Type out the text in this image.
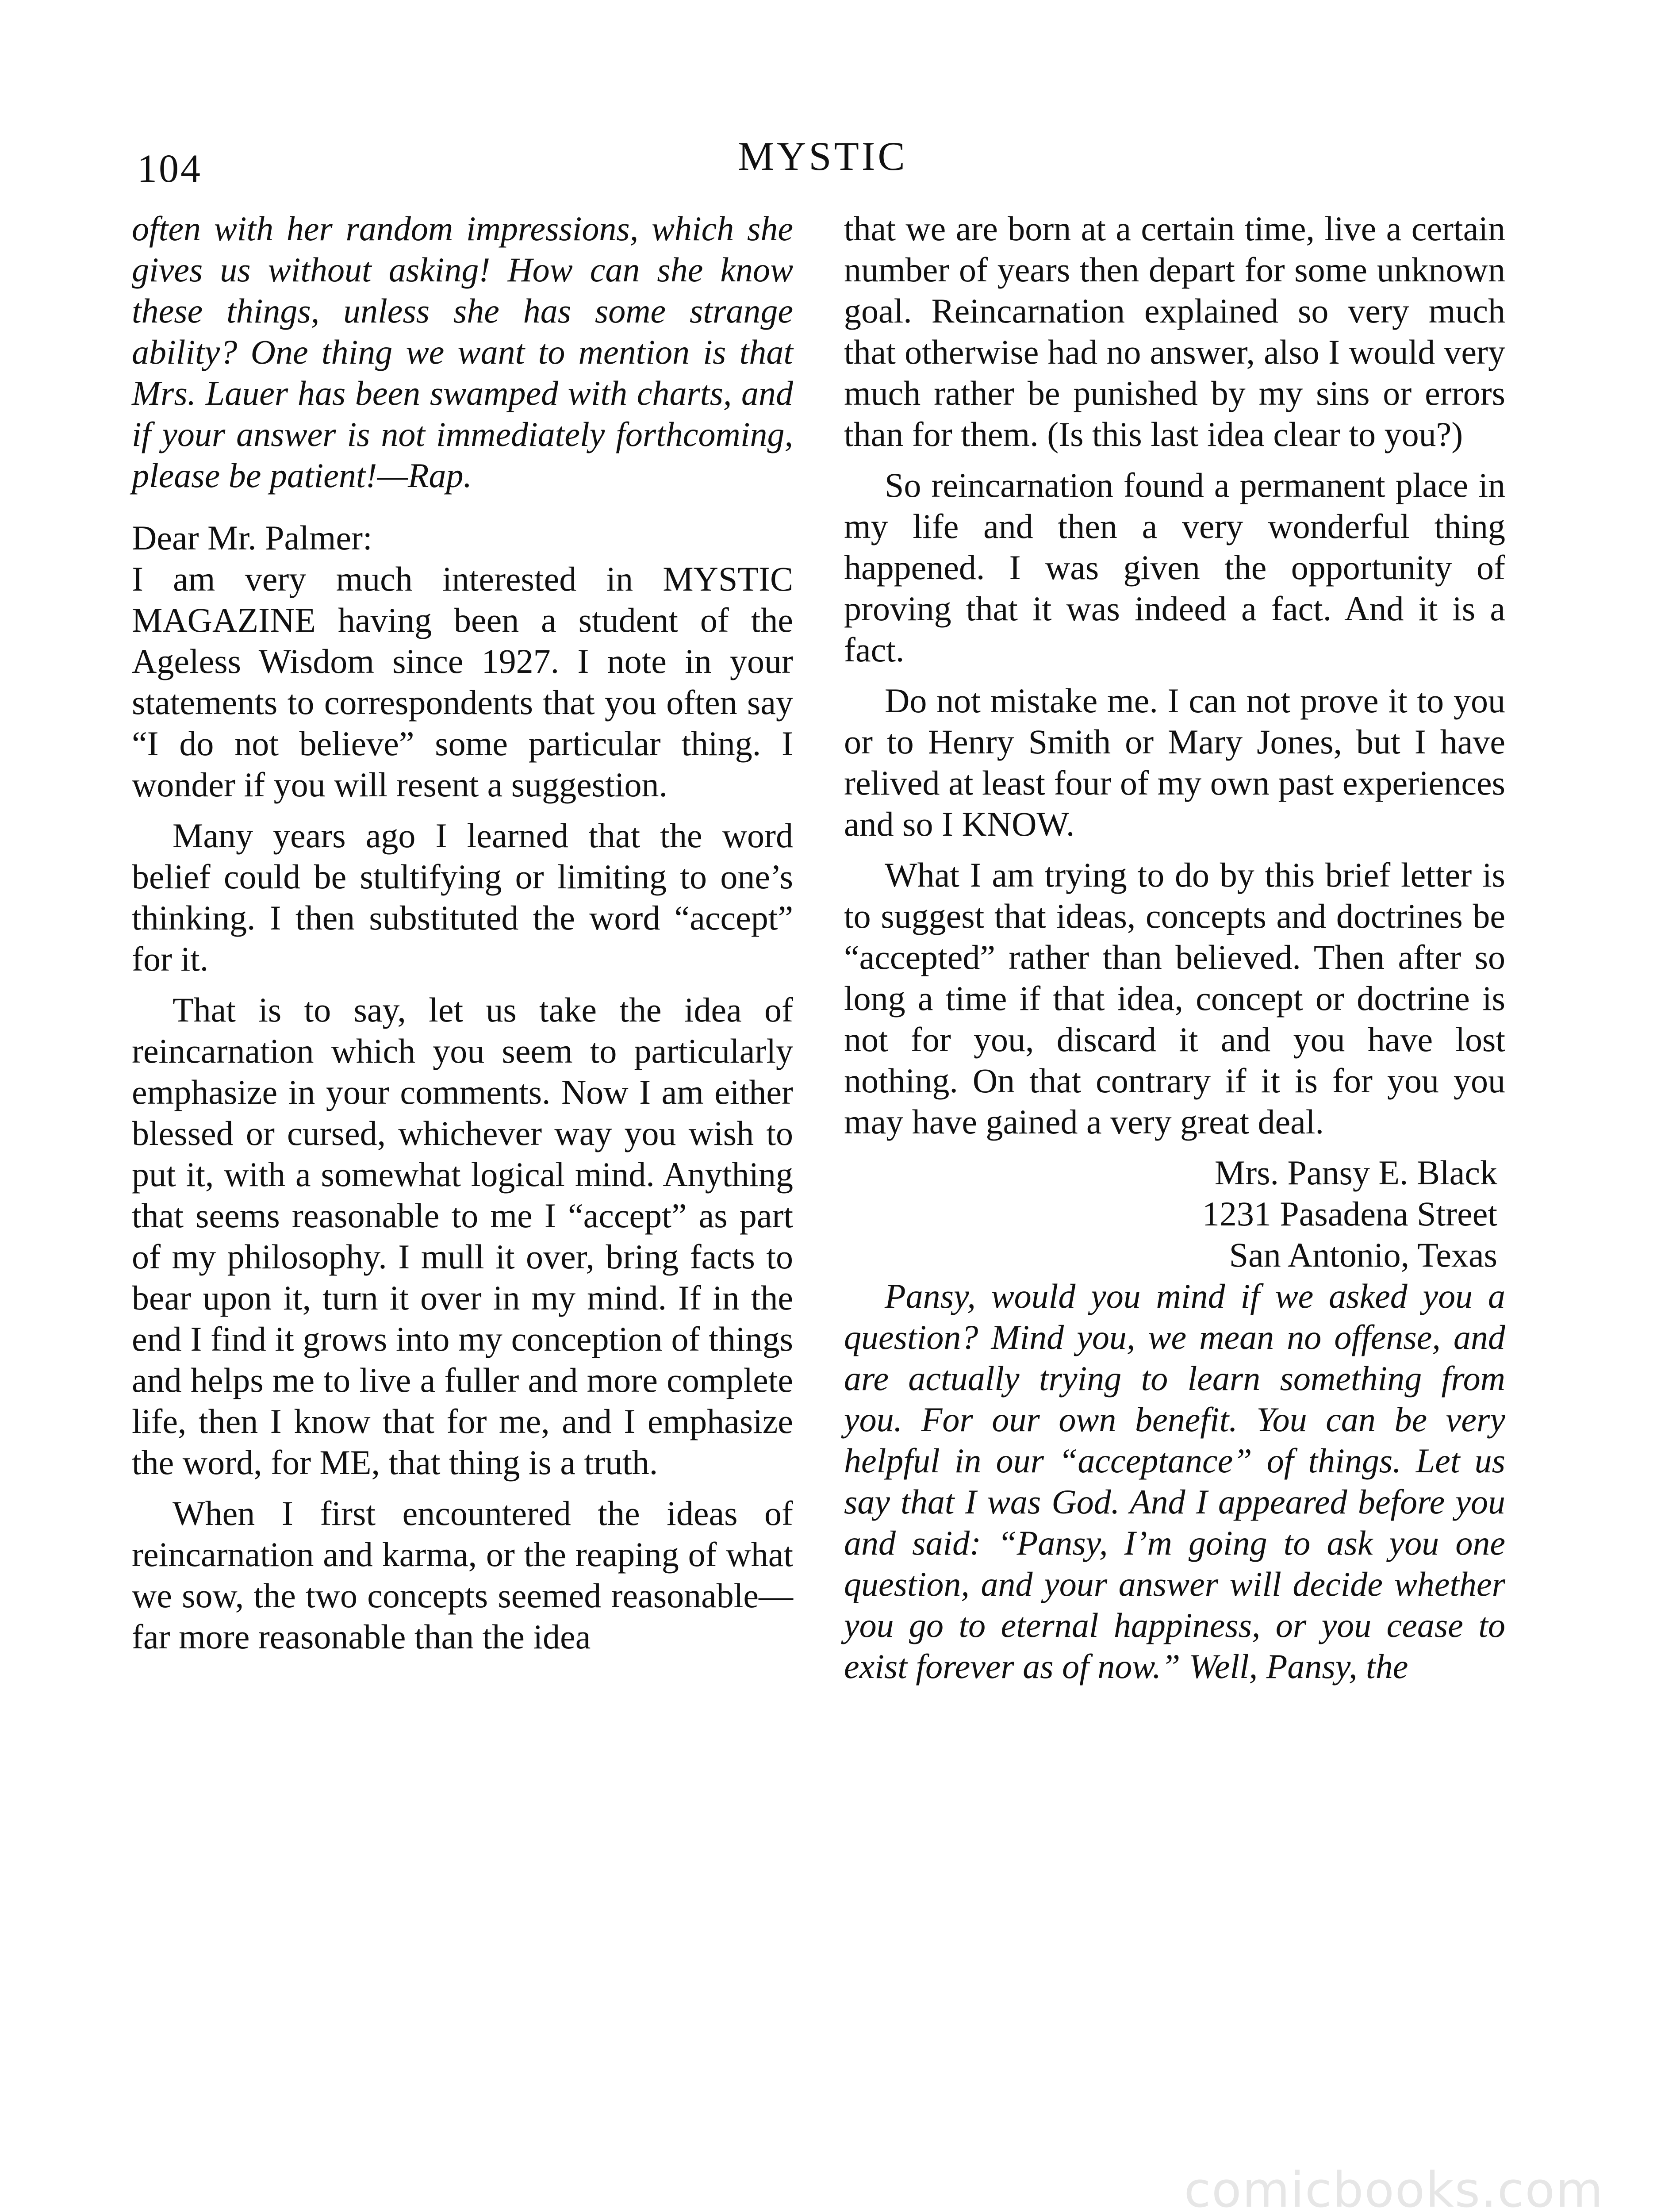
104	MYSTIC

often with her random impressions, which she gives us without asking! How can she know these things, unless she has some strange ability? One thing we want to mention is that Mrs. Lauer has been swamped with charts, and if your answer is not immediately forthcoming, please be patient!—Rap.

Dear Mr. Palmer:

I am very much interested in MYSTIC MAGAZINE having been a student of the Ageless Wisdom since 1927. I note in your statements to correspondents that you often say “I do not believe” some particular thing. I wonder if you will resent a suggestion.

Many years ago I learned that the word belief could be stultifying or limiting to one’s thinking. I then substituted the word “accept” for it.

That is to say, let us take the idea of reincarnation which you seem to particularly emphasize in your comments. Now I am either blessed or cursed, whichever way you wish to put it, with a somewhat logical mind. Anything that seems reasonable to me I “accept” as part of my philosophy. I mull it over, bring facts to bear upon it, turn it over in my mind. If in the end I find it grows into my conception of things and helps me to live a fuller and more complete life, then I know that for me, and I emphasize the word, for ME, that thing is a truth.

When I first encountered the ideas of reincarnation and karma, or the reaping of what we sow, the two concepts seemed reasonable—far more reasonable than the idea

that we are born at a certain time, live a certain number of years then depart for some unknown goal. Reincarnation explained so very much that otherwise had no answer, also I would very much rather be punished by my sins or errors than for them. (Is this last idea clear to you?)

So reincarnation found a permanent place in my life and then a very wonderful thing happened. I was given the opportunity of proving that it was indeed a fact. And it is a fact.

Do not mistake me. I can not prove it to you or to Henry Smith or Mary Jones, but I have relived at least four of my own past experiences and so I KNOW.

What I am trying to do by this brief letter is to suggest that ideas, concepts and doctrines be “accepted” rather than believed. Then after so long a time if that idea, concept or doctrine is not for you, discard it and you have lost nothing. On that contrary if it is for you you may have gained a very great deal.

Mrs. Pansy E. Black
1231 Pasadena Street
San Antonio, Texas

Pansy, would you mind if we asked you a question? Mind you, we mean no offense, and are actually trying to learn something from you. For our own benefit. You can be very helpful in our “acceptance” of things. Let us say that I was God. And I appeared before you and said: “Pansy, I’m going to ask you one question, and your answer will decide whether you go to eternal happiness, or you cease to exist forever as of now.” Well, Pansy, the

comicbooks.com
